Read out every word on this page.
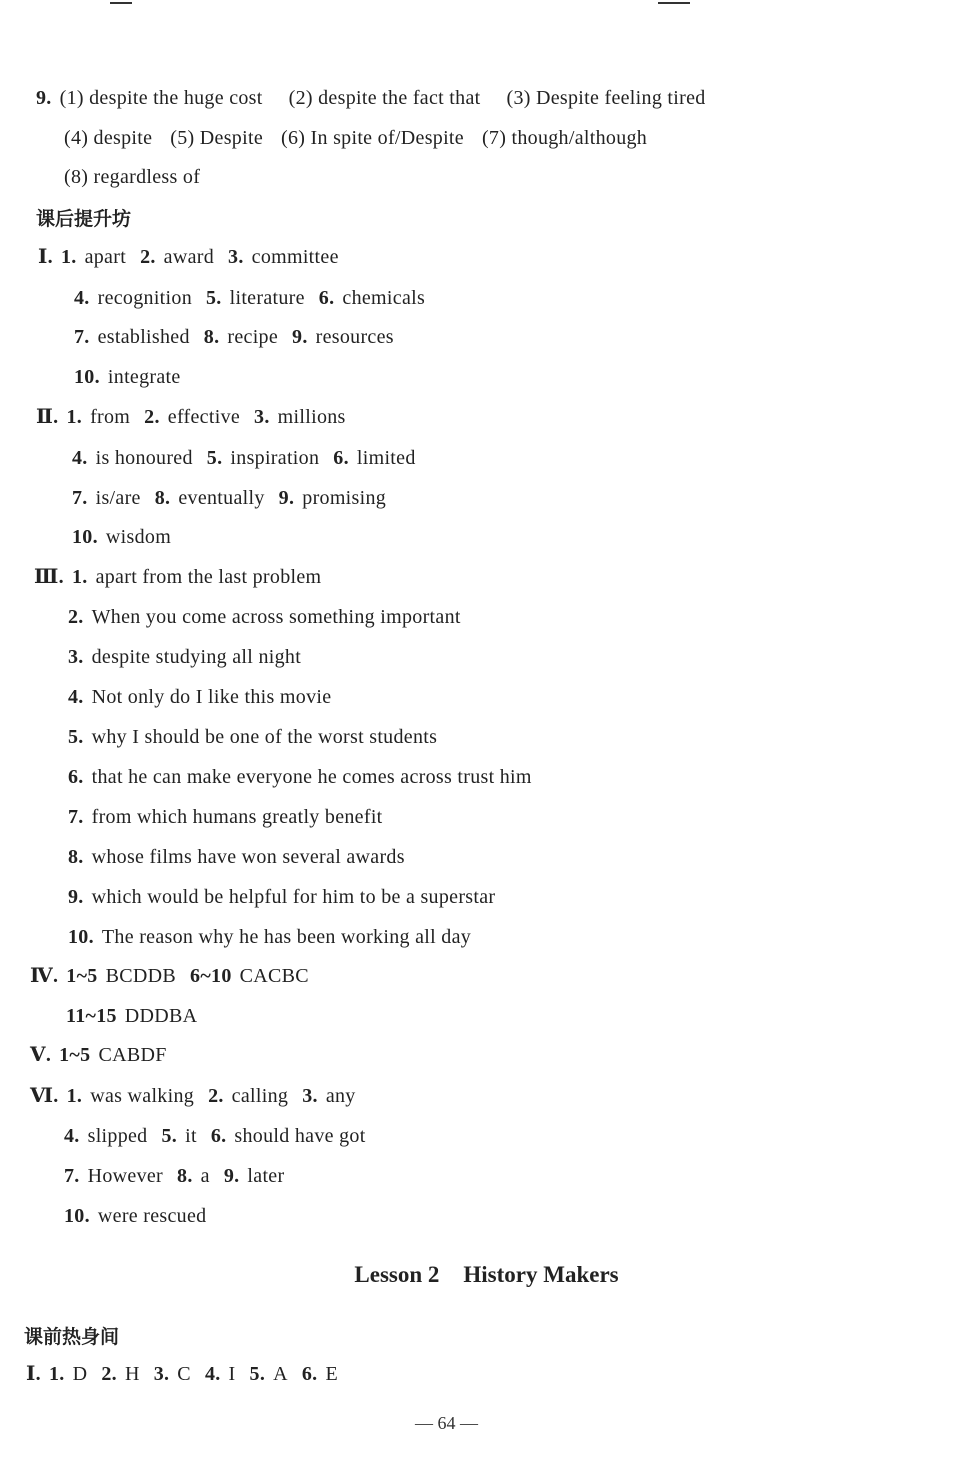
9. (1) despite the huge cost (2) despite the fact that (3) Despite feeling tired
(4) despite (5) Despite (6) In spite of/Despite (7) though/although
(8) regardless of
Ⅰ. 1. apart 2. award 3. committee
4. recognition 5. literature 6. chemicals
7. established 8. recipe 9. resources
10. integrate
Ⅱ. 1. from 2. effective 3. millions
4. is honoured 5. inspiration 6. limited
7. is/are 8. eventually 9. promising
10. wisdom
Ⅲ. 1. apart from the last problem
2. When you come across something important
3. despite studying all night
4. Not only do I like this movie
5. why I should be one of the worst students
6. that he can make everyone he comes across trust him
7. from which humans greatly benefit
8. whose films have won several awards
9. which would be helpful for him to be a superstar
10. The reason why he has been working all day
Ⅳ. 1~5 BCDDB 6~10 CACBC
11~15 DDDBA
Ⅴ. 1~5 CABDF
Ⅵ. 1. was walking 2. calling 3. any
4. slipped 5. it 6. should have got
7. However 8. a 9. later
10. were rescued
Ⅰ. 1. D 2. H 3. C 4. I 5. A 6. E
课后提升坊
Lesson 2 History Makers
课前热身间
— 64 —
